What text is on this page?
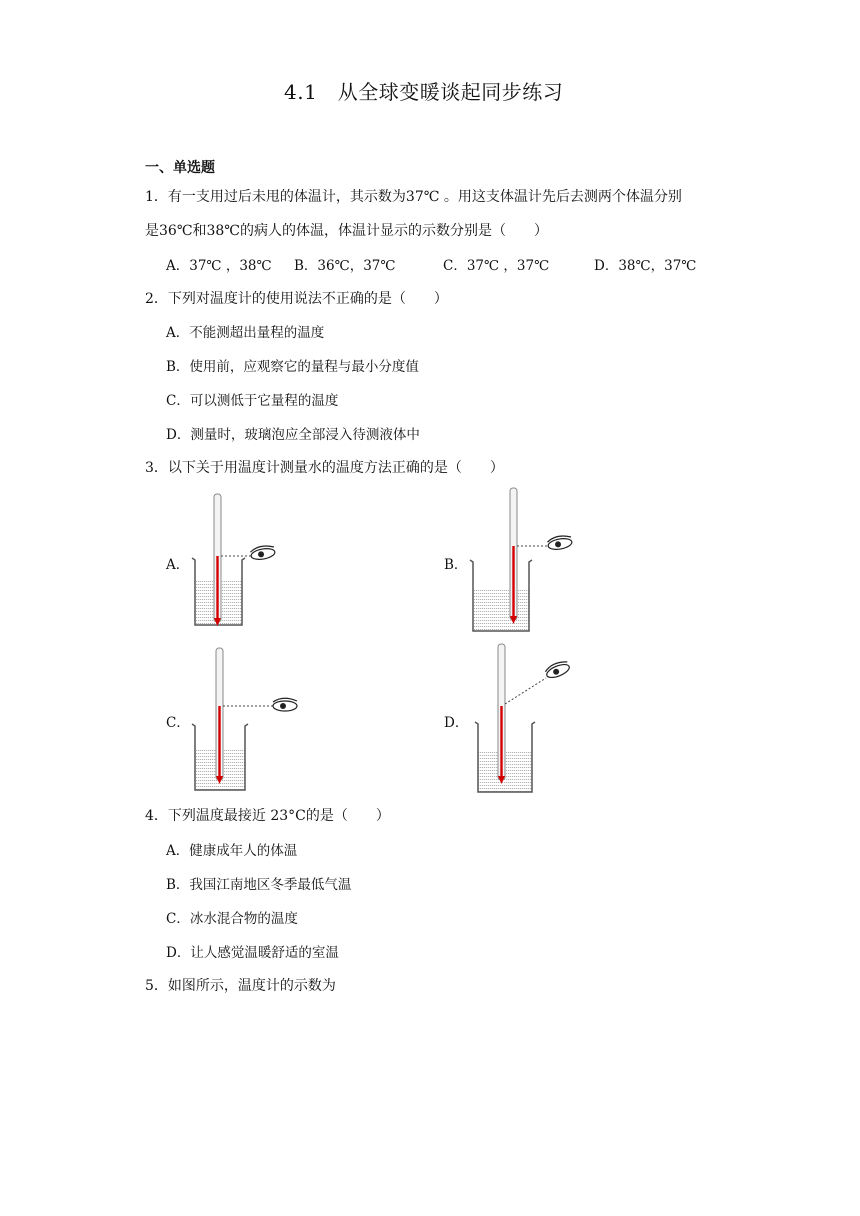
4.1　从全球变暖谈起同步练习
一、单选题
1．有一支用过后未甩的体温计，其示数为37℃ 。用这支体温计先后去测两个体温分别
是36℃和38℃的病人的体温，体温计显示的示数分别是（　　）
A．37℃ ，38℃ B．36℃，37℃	C．37℃ ，37℃	D．38℃，37℃
2．下列对温度计的使用说法不正确的是（　　）
A．不能测超出量程的温度
B．使用前，应观察它的量程与最小分度值
C．可以测低于它量程的温度
D．测量时，玻璃泡应全部浸入待测液体中
3．以下关于用温度计测量水的温度方法正确的是（　　）
A．	B．
C．	D．
4．下列温度最接近 23°C的是（　　）
A．健康成年人的体温
B．我国江南地区冬季最低气温
C．冰水混合物的温度
D．让人感觉温暖舒适的室温
5．如图所示，温度计的示数为
